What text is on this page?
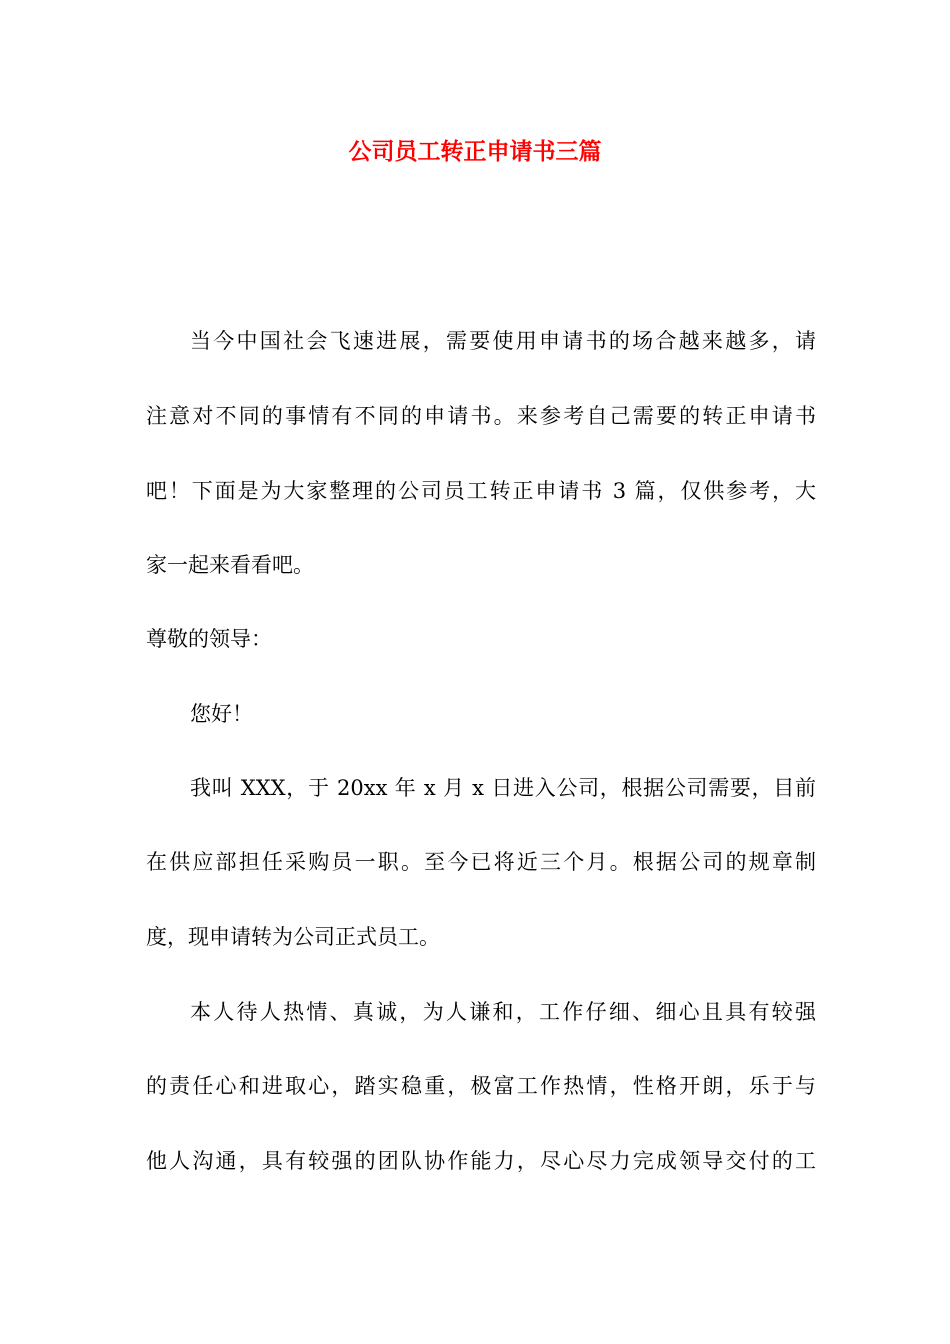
公司员工转正申请书三篇
当今中国社会飞速进展，需要使用申请书的场合越来越多，请
注意对不同的事情有不同的申请书。来参考自己需要的转正申请书
吧！下面是为大家整理的公司员工转正申请书 3 篇，仅供参考，大
家一起来看看吧。
尊敬的领导：
您好！
我叫 XXX，于 20xx 年 x 月 x 日进入公司，根据公司需要，目前
在供应部担任采购员一职。至今已将近三个月。根据公司的规章制
度，现申请转为公司正式员工。
本人待人热情、真诚，为人谦和，工作仔细、细心且具有较强
的责任心和进取心，踏实稳重，极富工作热情，性格开朗，乐于与
他人沟通，具有较强的团队协作能力，尽心尽力完成领导交付的工
